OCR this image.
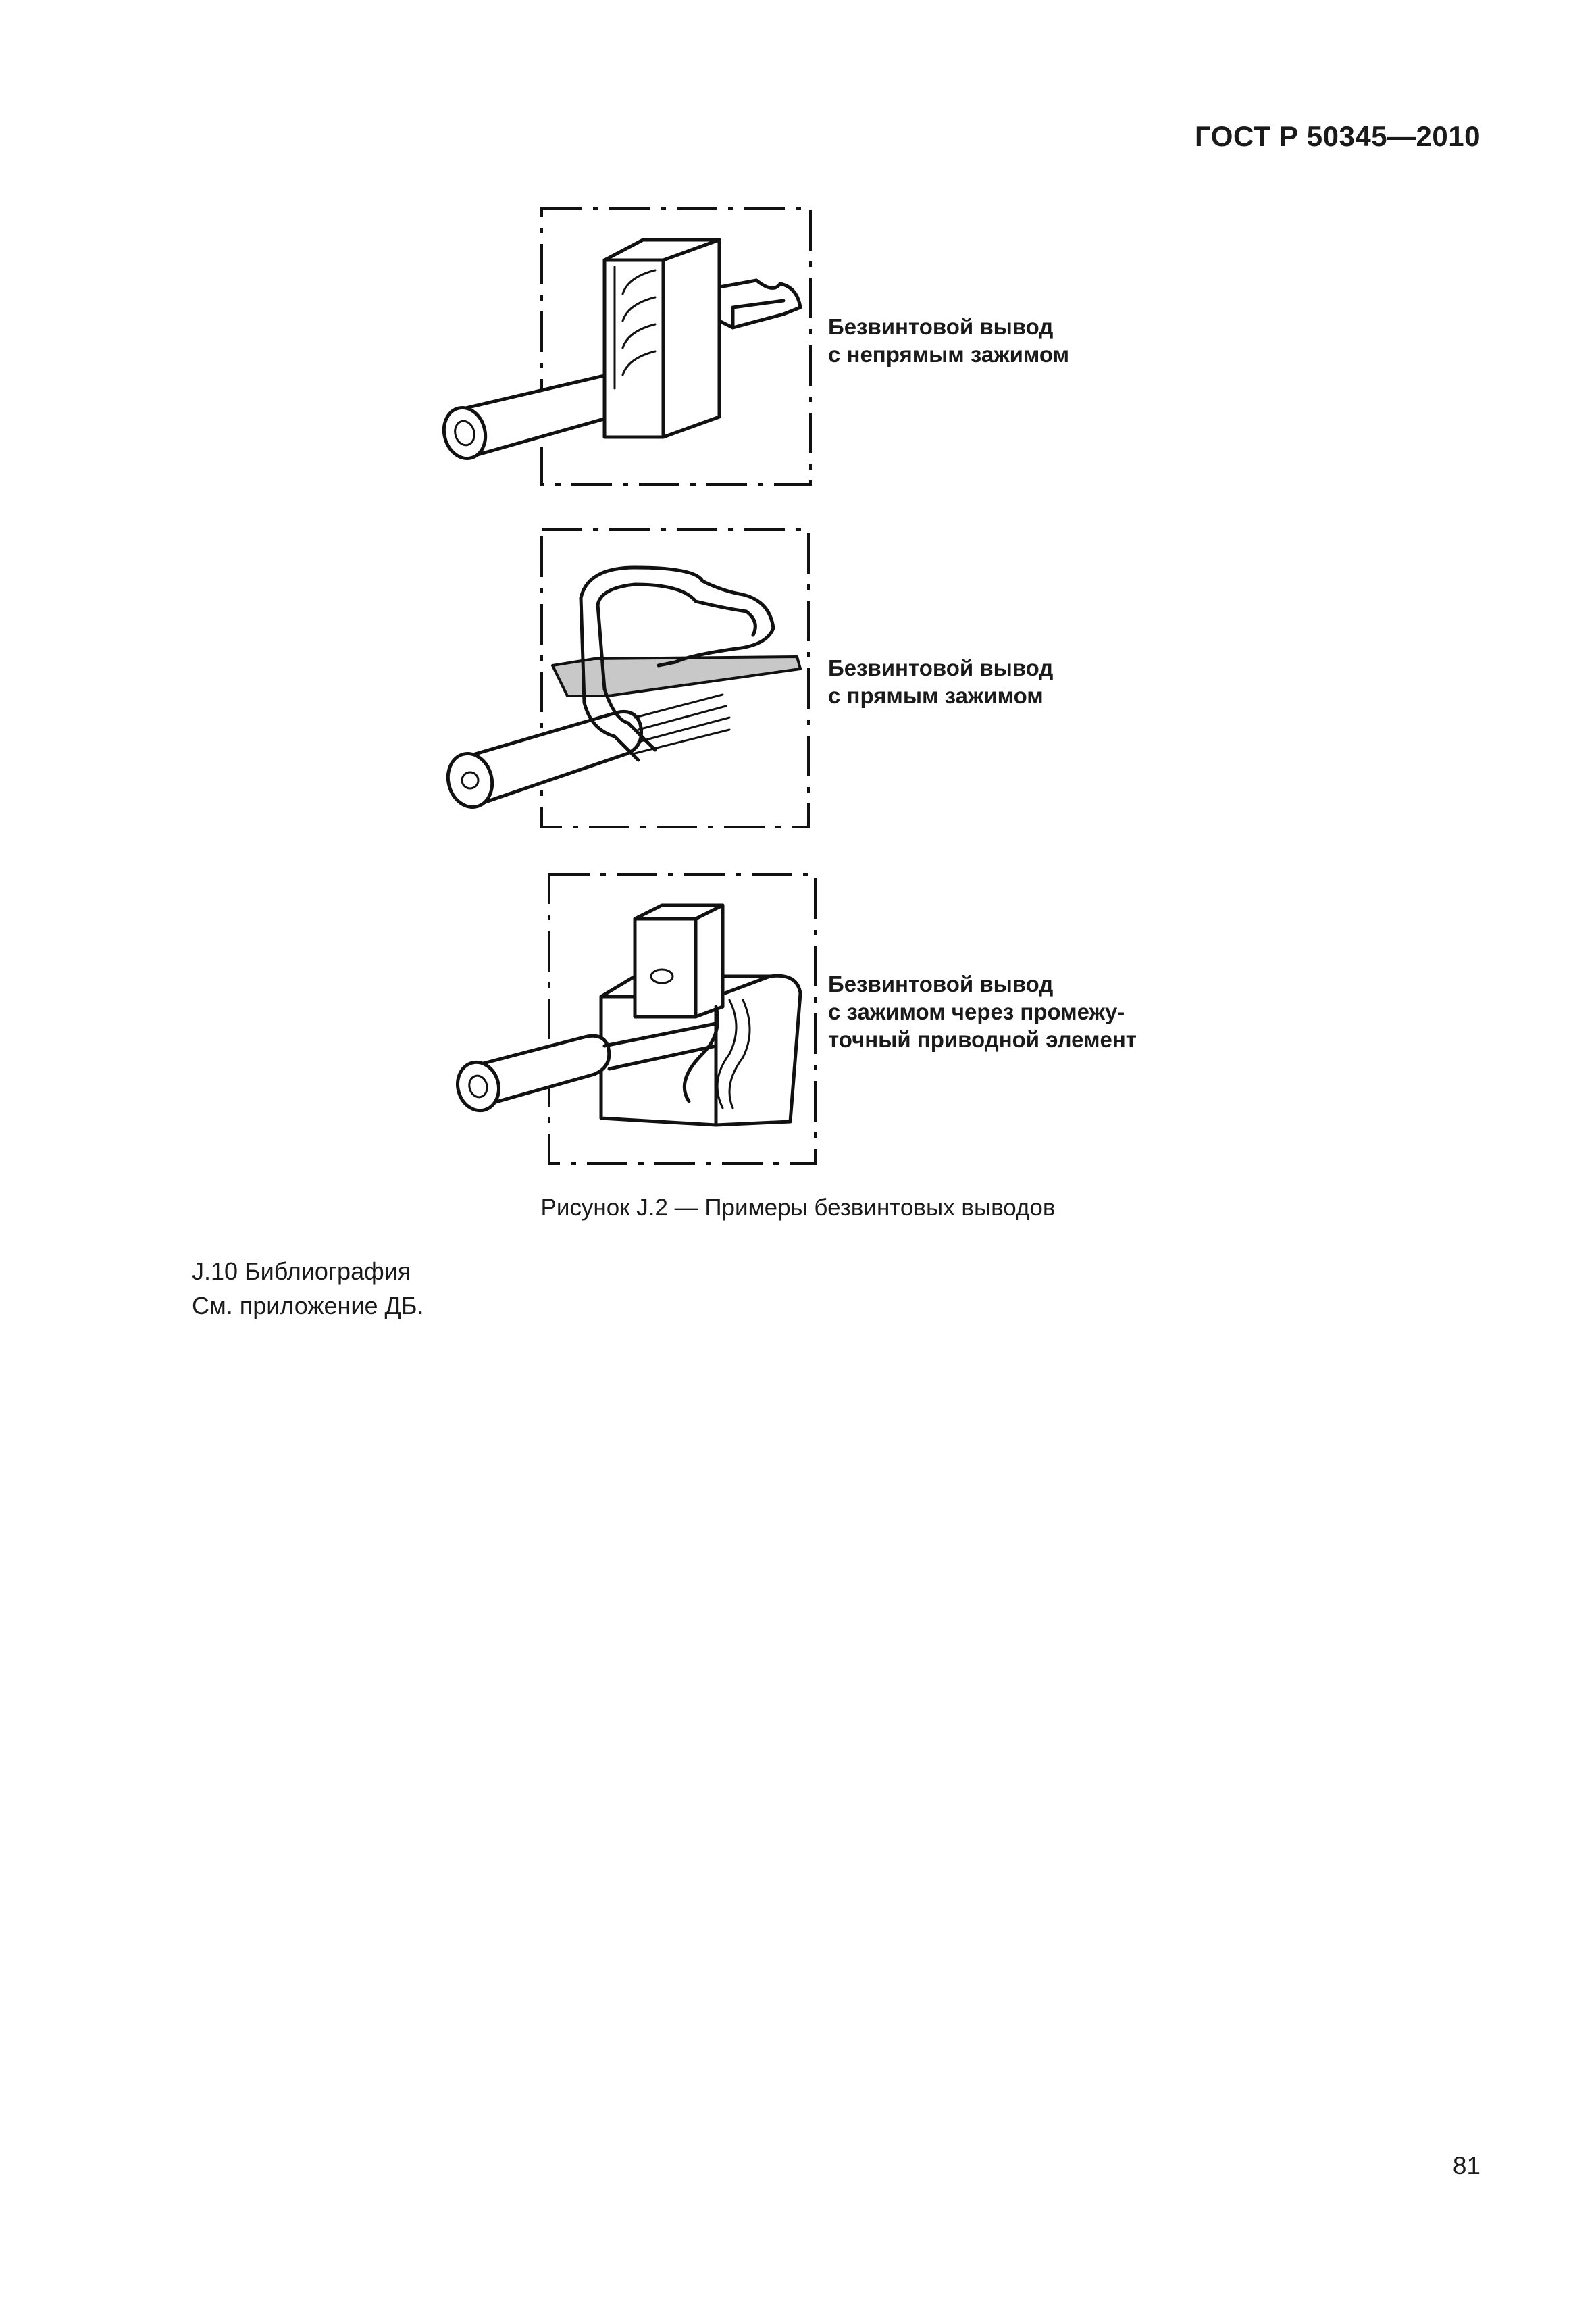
ГОСТ Р 50345—2010
Безвинтовой вывод
с непрямым зажимом
Безвинтовой вывод
с прямым зажимом
Безвинтовой вывод
с зажимом через промежу-
точный приводной элемент
Рисунок J.2 — Примеры безвинтовых выводов
J.10 Библиография
См. приложение ДБ.
81
